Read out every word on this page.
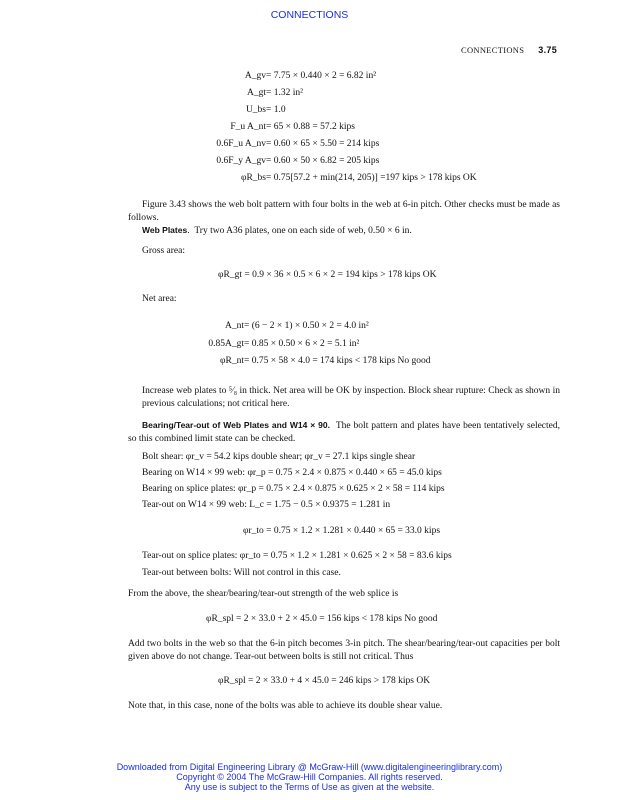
CONNECTIONS
CONNECTIONS 3.75
A_gv = 7.75 × 0.440 × 2 = 6.82 in²
A_gt = 1.32 in²
U_bs = 1.0
F_u A_nt = 65 × 0.88 = 57.2 kips
0.6F_u A_nv = 0.60 × 65 × 5.50 = 214 kips
0.6F_y A_gv = 0.60 × 50 × 6.82 = 205 kips
φR_bs = 0.75[57.2 + min(214, 205)] =197 kips > 178 kips OK
Figure 3.43 shows the web bolt pattern with four bolts in the web at 6-in pitch. Other checks must be made as follows.
Web Plates.  Try two A36 plates, one on each side of web, 0.50 × 6 in.
Gross area:
φR_gt = 0.9 × 36 × 0.5 × 6 × 2 = 194 kips > 178 kips OK
Net area:
A_nt = (6 − 2 × 1) × 0.50 × 2 = 4.0 in²
0.85A_gt = 0.85 × 0.50 × 6 × 2 = 5.1 in²
φR_nt = 0.75 × 58 × 4.0 = 174 kips < 178 kips No good
Increase web plates to ⁵⁄₈ in thick. Net area will be OK by inspection. Block shear rupture: Check as shown in previous calculations; not critical here.
Bearing/Tear-out of Web Plates and W14 × 90. The bolt pattern and plates have been tentatively selected, so this combined limit state can be checked.
Bolt shear: φr_v = 54.2 kips double shear; φr_v = 27.1 kips single shear
Bearing on W14 × 99 web: φr_p = 0.75 × 2.4 × 0.875 × 0.440 × 65 = 45.0 kips
Bearing on splice plates: φr_p = 0.75 × 2.4 × 0.875 × 0.625 × 2 × 58 = 114 kips
Tear-out on W14 × 99 web: L_c = 1.75 − 0.5 × 0.9375 = 1.281 in
φr_to = 0.75 × 1.2 × 1.281 × 0.440 × 65 = 33.0 kips
Tear-out on splice plates: φr_to = 0.75 × 1.2 × 1.281 × 0.625 × 2 × 58 = 83.6 kips
Tear-out between bolts: Will not control in this case.
From the above, the shear/bearing/tear-out strength of the web splice is
φR_spl = 2 × 33.0 + 2 × 45.0 = 156 kips < 178 kips No good
Add two bolts in the web so that the 6-in pitch becomes 3-in pitch. The shear/bearing/tear-out capacities per bolt given above do not change. Tear-out between bolts is still not critical. Thus
φR_spl = 2 × 33.0 + 4 × 45.0 = 246 kips > 178 kips OK
Note that, in this case, none of the bolts was able to achieve its double shear value.
Downloaded from Digital Engineering Library @ McGraw-Hill (www.digitalengineeringlibrary.com)
Copyright © 2004 The McGraw-Hill Companies. All rights reserved.
Any use is subject to the Terms of Use as given at the website.
